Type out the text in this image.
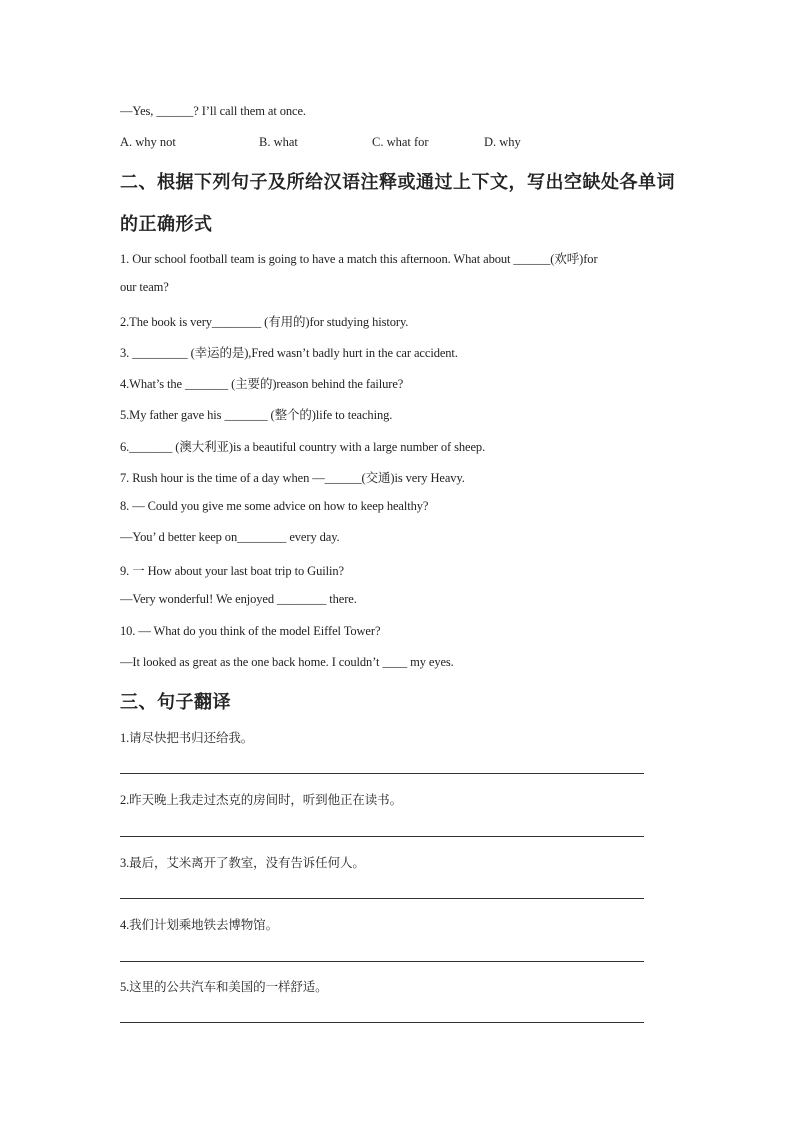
—Yes, ______? I’ll call them at once.
A. why not	B. what	C. what for	D. why
二、根据下列句子及所给汉语注释或通过上下文，写出空缺处各单词
的正确形式
1. Our school football team is going to have a match this afternoon. What about ______(欢呼)for
our team?
2.The book is very________ (有用的)for studying history.
3. _________ (幸运的是),Fred wasn’t badly hurt in the car accident.
4.What’s the _______ (主要的)reason behind the failure?
5.My father gave his _______ (整个的)life to teaching.
6._______ (澳大利亚)is a beautiful country with a large number of sheep.
7. Rush hour is the time of a day when —______(交通)is very Heavy.
8. — Could you give me some advice on how to keep healthy?
—You’ d better keep on________ every day.
9. 一 How about your last boat trip to Guilin?
—Very wonderful! We enjoyed ________ there.
10. — What do you think of the model Eiffel Tower?
—It looked as great as the one back home. I couldn’t ____ my eyes.
三、句子翻译
1.请尽快把书归还给我。
2.昨天晚上我走过杰克的房间时，听到他正在读书。
3.最后，艾米离开了教室，没有告诉任何人。
4.我们计划乘地铁去博物馆。
5.这里的公共汽车和美国的一样舒适。
